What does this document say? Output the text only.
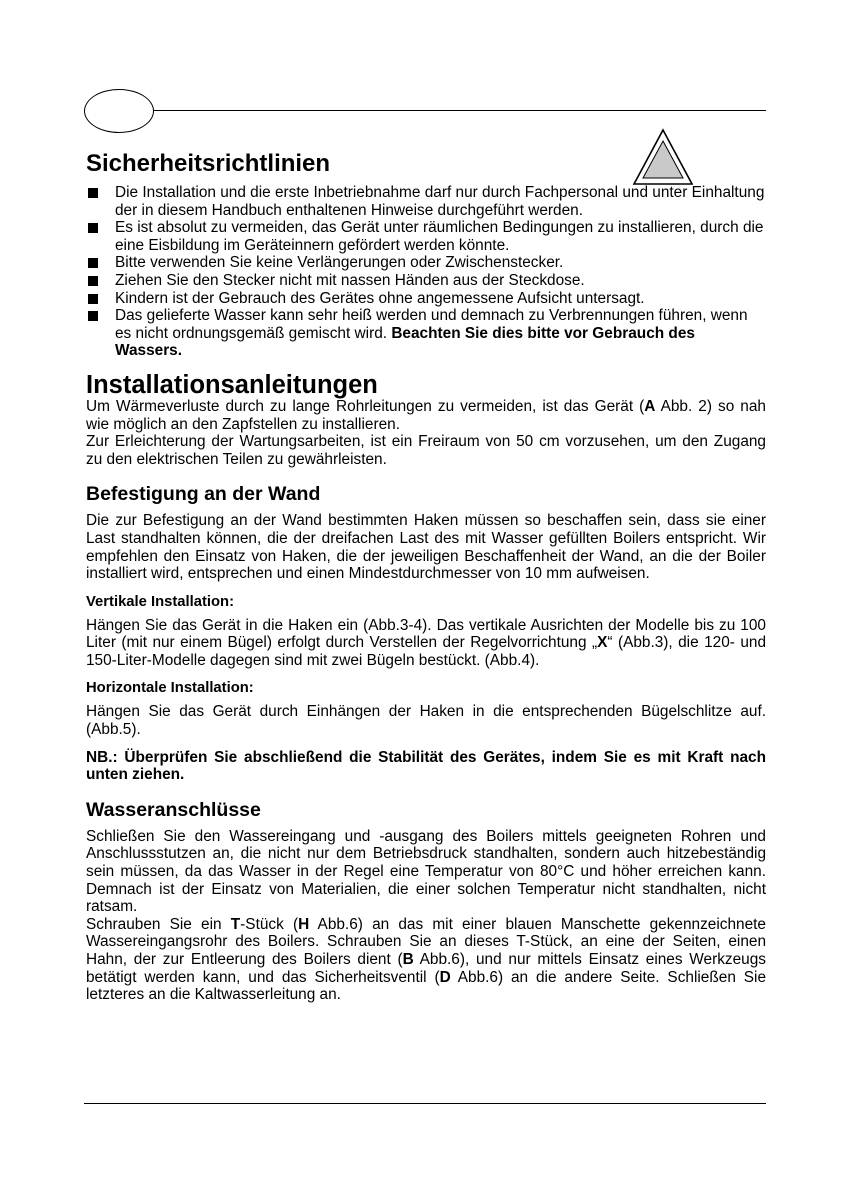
Sicherheitsrichtlinien
Die Installation und die erste Inbetriebnahme darf nur durch Fachpersonal und unter Einhaltung der in diesem Handbuch enthaltenen Hinweise durchgeführt werden.
Es ist absolut zu vermeiden, das Gerät unter räumlichen Bedingungen zu installieren, durch die eine Eisbildung im Geräteinnern gefördert werden könnte.
Bitte verwenden Sie keine Verlängerungen oder Zwischenstecker.
Ziehen Sie den Stecker nicht mit nassen Händen aus der Steckdose.
Kindern ist der Gebrauch des Gerätes ohne angemessene Aufsicht untersagt.
Das gelieferte Wasser kann sehr heiß werden und demnach zu Verbrennungen führen, wenn es nicht ordnungsgemäß gemischt wird. Beachten Sie dies bitte vor Gebrauch des Wassers.
Installationsanleitungen

Um Wärmeverluste durch zu lange Rohrleitungen zu vermeiden, ist das Gerät (A Abb. 2) so nah wie möglich an den Zapfstellen zu installieren.

Zur Erleichterung der Wartungsarbeiten, ist ein Freiraum von 50 cm vorzusehen, um den Zugang zu den elektrischen Teilen zu gewährleisten.

Befestigung an der Wand

Die zur Befestigung an der Wand bestimmten Haken müssen so beschaffen sein, dass sie einer Last standhalten können, die der dreifachen Last des mit Wasser gefüllten Boilers entspricht. Wir empfehlen den Einsatz von Haken, die der jeweiligen Beschaffenheit der Wand, an die der Boiler installiert wird, entsprechen und einen Mindestdurchmesser von 10 mm aufweisen.

Vertikale Installation:

Hängen Sie das Gerät in die Haken ein (Abb.3-4). Das vertikale Ausrichten der Modelle bis zu 100 Liter (mit nur einem Bügel) erfolgt durch Verstellen der Regelvorrichtung „X“ (Abb.3), die 120- und 150-Liter-Modelle dagegen sind mit zwei Bügeln bestückt. (Abb.4).

Horizontale Installation:

Hängen Sie das Gerät durch Einhängen der Haken in die entsprechenden Bügelschlitze auf. (Abb.5).

NB.: Überprüfen Sie abschließend die Stabilität des Gerätes, indem Sie es mit Kraft nach unten ziehen.

Wasseranschlüsse

Schließen Sie den Wassereingang und -ausgang des Boilers mittels geeigneten Rohren und Anschlussstutzen an, die nicht nur dem Betriebsdruck standhalten, sondern auch hitzebeständig sein müssen, da das Wasser in der Regel eine Temperatur von 80°C und höher erreichen kann. Demnach ist der Einsatz von Materialien, die einer solchen Temperatur nicht standhalten, nicht ratsam.

Schrauben Sie ein T-Stück (H Abb.6) an das mit einer blauen Manschette gekennzeichnete Wassereingangsrohr des Boilers. Schrauben Sie an dieses T-Stück, an eine der Seiten, einen Hahn, der zur Entleerung des Boilers dient (B Abb.6), und nur mittels Einsatz eines Werkzeugs betätigt werden kann, und das Sicherheitsventil (D Abb.6) an die andere Seite. Schließen Sie letzteres an die Kaltwasserleitung an.
